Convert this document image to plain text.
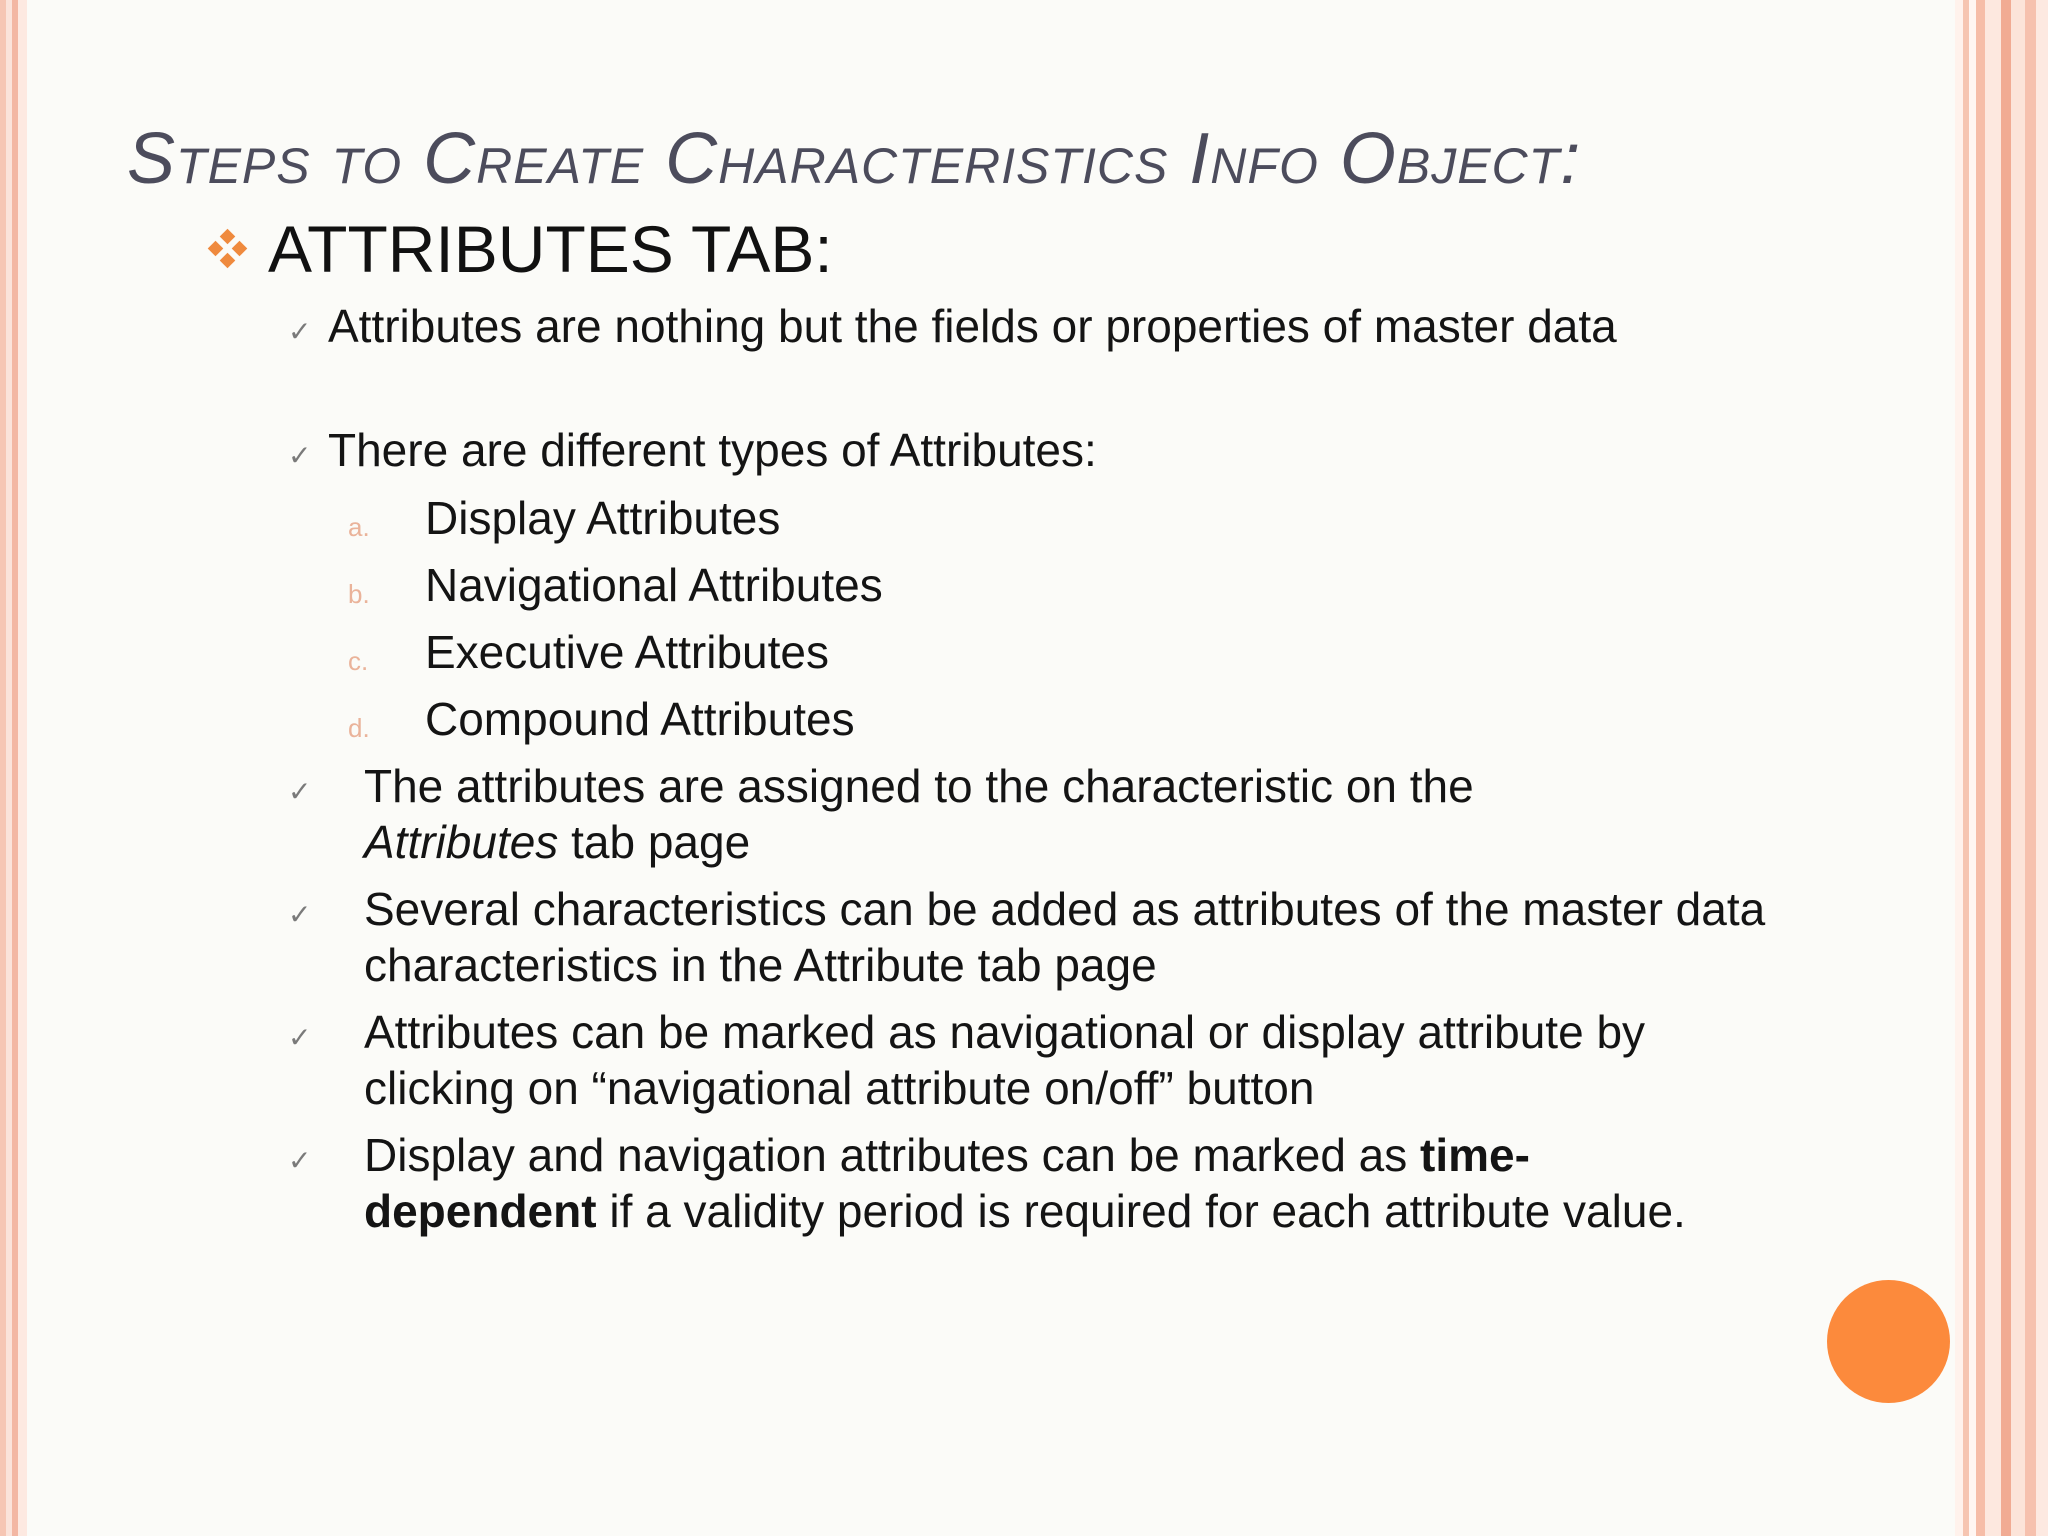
Steps to Create Characteristics Info Object:
ATTRIBUTES TAB:
✓ Attributes are nothing but the fields or properties of master data
✓ There are different types of Attributes:
a. Display Attributes
b. Navigational Attributes
c. Executive Attributes
d. Compound Attributes
✓ The attributes are assigned to the characteristic on the Attributes tab page
✓ Several characteristics can be added as attributes of the master data characteristics in the Attribute tab page
✓ Attributes can be marked as navigational or display attribute by clicking on “navigational attribute on/off” button
✓ Display and navigation attributes can be marked as time-
dependent if a validity period is required for each attribute value.
